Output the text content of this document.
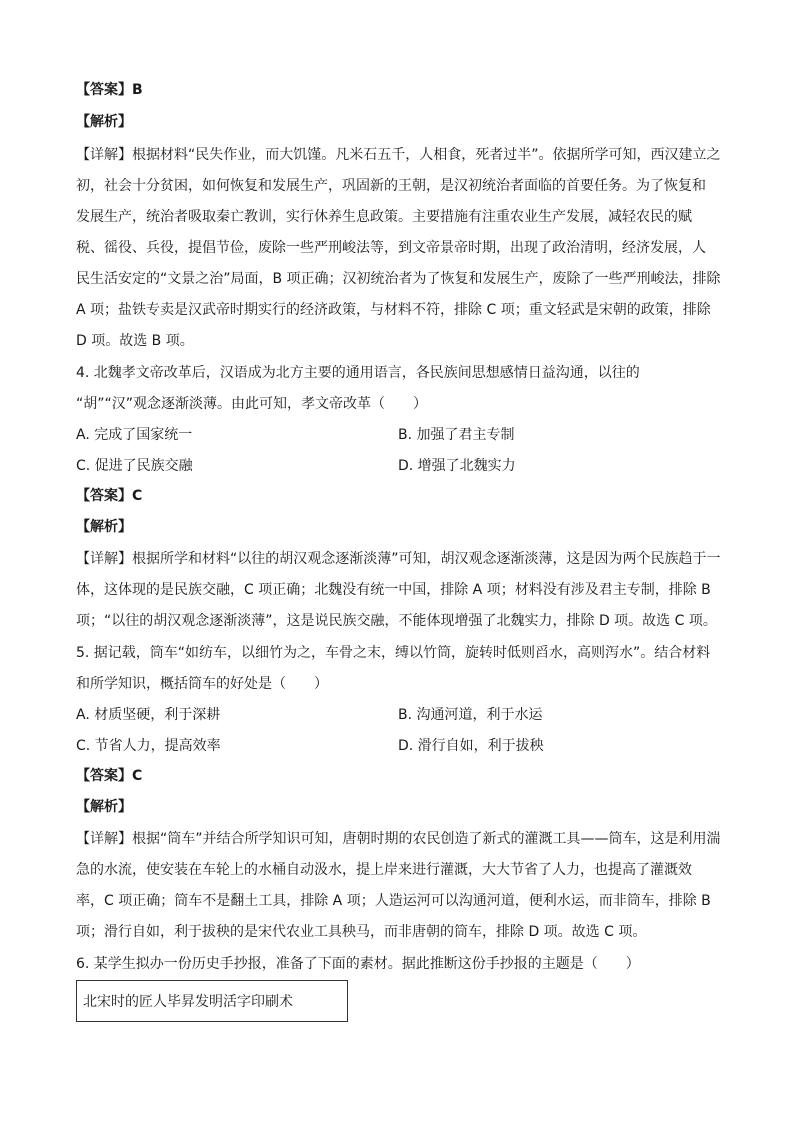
【答案】B
【解析】
【详解】根据材料“民失作业，而大饥馑。凡米石五千，人相食，死者过半”。依据所学可知，西汉建立之
初，社会十分贫困，如何恢复和发展生产，巩固新的王朝，是汉初统治者面临的首要任务。为了恢复和
发展生产，统治者吸取秦亡教训，实行休养生息政策。主要措施有注重农业生产发展，减轻农民的赋
税、徭役、兵役，提倡节俭，废除一些严刑峻法等，到文帝景帝时期，出现了政治清明，经济发展，人
民生活安定的“文景之治”局面，B 项正确；汉初统治者为了恢复和发展生产，废除了一些严刑峻法，排除
A 项；盐铁专卖是汉武帝时期实行的经济政策，与材料不符，排除 C 项；重文轻武是宋朝的政策，排除
D 项。故选 B 项。
4. 北魏孝文帝改革后，汉语成为北方主要的通用语言，各民族间思想感情日益沟通，以往的
“胡”“汉”观念逐渐淡薄。由此可知，孝文帝改革（　　）
A. 完成了国家统一	B. 加强了君主专制
C. 促进了民族交融	D. 增强了北魏实力
【答案】C
【解析】
【详解】根据所学和材料“以往的胡汉观念逐渐淡薄”可知，胡汉观念逐渐淡薄，这是因为两个民族趋于一
体，这体现的是民族交融，C 项正确；北魏没有统一中国，排除 A 项；材料没有涉及君主专制，排除 B
项；“以往的胡汉观念逐渐淡薄”，这是说民族交融，不能体现增强了北魏实力，排除 D 项。故选 C 项。
5. 据记载，筒车“如纺车，以细竹为之，车骨之末，缚以竹筒，旋转时低则舀水，高则泻水”。结合材料
和所学知识，概括筒车的好处是（　　）
A. 材质坚硬，利于深耕	B. 沟通河道，利于水运
C. 节省人力，提高效率	D. 滑行自如，利于拔秧
【答案】C
【解析】
【详解】根据“筒车”并结合所学知识可知，唐朝时期的农民创造了新式的灌溉工具——筒车，这是利用湍
急的水流，使安装在车轮上的水桶自动汲水，提上岸来进行灌溉，大大节省了人力，也提高了灌溉效
率，C 项正确；筒车不是翻土工具，排除 A 项；人造运河可以沟通河道，便利水运，而非筒车，排除 B
项；滑行自如，利于拔秧的是宋代农业工具秧马，而非唐朝的筒车，排除 D 项。故选 C 项。
6. 某学生拟办一份历史手抄报，准备了下面的素材。据此推断这份手抄报的主题是（　　）
北宋时的匠人毕昇发明活字印刷术
